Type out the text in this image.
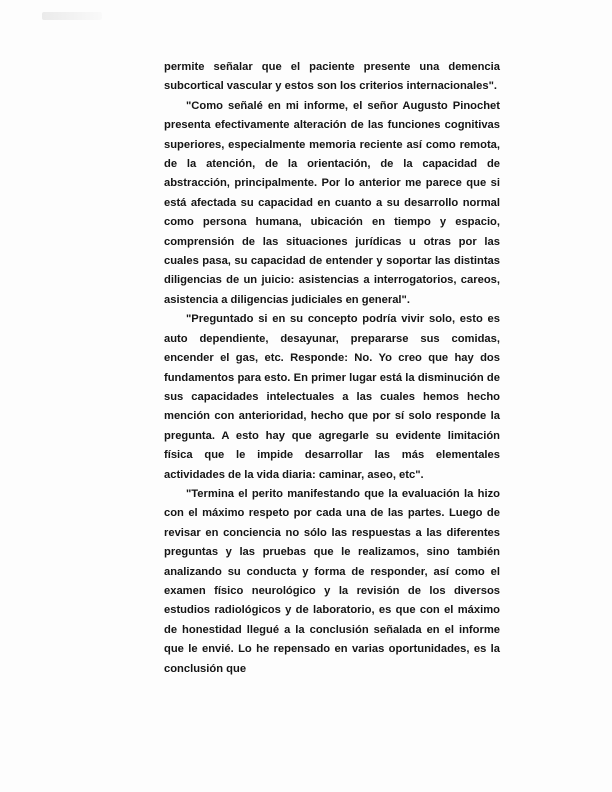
permite señalar que el paciente presente una demencia subcortical vascular y estos son los criterios internacionales".

"Como señalé en mi informe, el señor Augusto Pinochet presenta efectivamente alteración de las funciones cognitivas superiores, especialmente memoria reciente así como remota, de la atención, de la orientación, de la capacidad de abstracción, principalmente. Por lo anterior me parece que si está afectada su capacidad en cuanto a su desarrollo normal como persona humana, ubicación en tiempo y espacio, comprensión de las situaciones jurídicas u otras por las cuales pasa, su capacidad de entender y soportar las distintas diligencias de un juicio: asistencias a interrogatorios, careos, asistencia a diligencias judiciales en general".

"Preguntado si en su concepto podría vivir solo, esto es auto dependiente, desayunar, prepararse sus comidas, encender el gas, etc. Responde: No. Yo creo que hay dos fundamentos para esto. En primer lugar está la disminución de sus capacidades intelectuales a las cuales hemos hecho mención con anterioridad, hecho que por sí solo responde la pregunta. A esto hay que agregarle su evidente limitación física que le impide desarrollar las más elementales actividades de la vida diaria: caminar, aseo, etc".

"Termina el perito manifestando que la evaluación la hizo con el máximo respeto por cada una de las partes. Luego de revisar en conciencia no sólo las respuestas a las diferentes preguntas y las pruebas que le realizamos, sino también analizando su conducta y forma de responder, así como el examen físico neurológico y la revisión de los diversos estudios radiológicos y de laboratorio, es que con el máximo de honestidad llegué a la conclusión señalada en el informe que le envié. Lo he repensado en varias oportunidades, es la conclusión que
